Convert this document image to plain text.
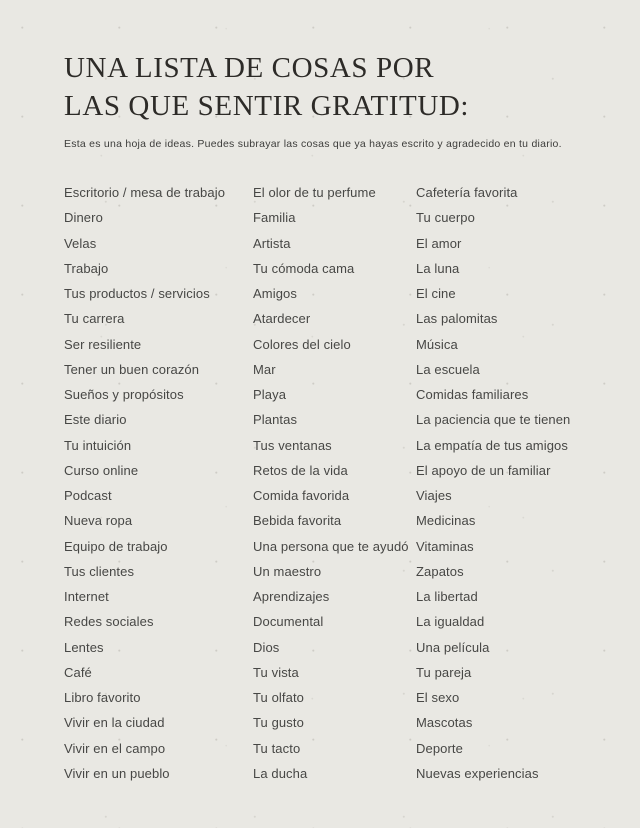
UNA LISTA DE COSAS POR
LAS QUE SENTIR GRATITUD:

Esta es una hoja de ideas. Puedes subrayar las cosas que ya hayas escrito y agradecido en tu diario.

Escritorio / mesa de trabajo
Dinero
Velas
Trabajo
Tus productos / servicios
Tu carrera
Ser resiliente
Tener un buen corazón
Sueños y propósitos
Este diario
Tu intuición
Curso online
Podcast
Nueva ropa
Equipo de trabajo
Tus clientes
Internet
Redes sociales
Lentes
Café
Libro favorito
Vivir en la ciudad
Vivir en el campo
Vivir en un pueblo
El olor de tu perfume
Familia
Artista
Tu cómoda cama
Amigos
Atardecer
Colores del cielo
Mar
Playa
Plantas
Tus ventanas
Retos de la vida
Comida favorida
Bebida favorita
Una persona que te ayudó
Un maestro
Aprendizajes
Documental
Dios
Tu vista
Tu olfato
Tu gusto
Tu tacto
La ducha
Cafetería favorita
Tu cuerpo
El amor
La luna
El cine
Las palomitas
Música
La escuela
Comidas familiares
La paciencia que te tienen
La empatía de tus amigos
El apoyo de un familiar
Viajes
Medicinas
Vitaminas
Zapatos
La libertad
La igualdad
Una película
Tu pareja
El sexo
Mascotas
Deporte
Nuevas experiencias
